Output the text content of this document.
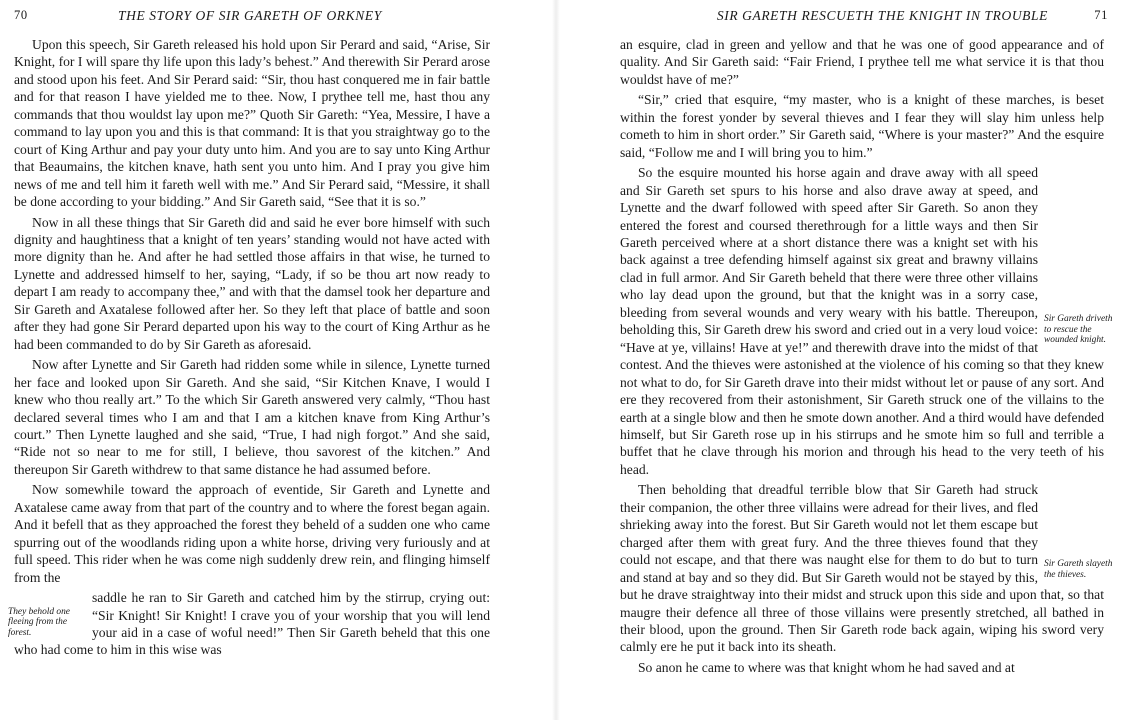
70	THE STORY OF SIR GARETH OF ORKNEY

Upon this speech, Sir Gareth released his hold upon Sir Perard and said, “Arise, Sir Knight, for I will spare thy life upon this lady’s behest.” And therewith Sir Perard arose and stood upon his feet. And Sir Perard said: “Sir, thou hast conquered me in fair battle and for that reason I have yielded me to thee. Now, I prythee tell me, hast thou any commands that thou wouldst lay upon me?” Quoth Sir Gareth: “Yea, Messire, I have a command to lay upon you and this is that command: It is that you straightway go to the court of King Arthur and pay your duty unto him. And you are to say unto King Arthur that Beaumains, the kitchen knave, hath sent you unto him. And I pray you give him news of me and tell him it fareth well with me.” And Sir Perard said, “Messire, it shall be done according to your bidding.” And Sir Gareth said, “See that it is so.”

Now in all these things that Sir Gareth did and said he ever bore himself with such dignity and haughtiness that a knight of ten years’ standing would not have acted with more dignity than he. And after he had settled those affairs in that wise, he turned to Lynette and addressed himself to her, saying, “Lady, if so be thou art now ready to depart I am ready to accompany thee,” and with that the damsel took her departure and Sir Gareth and Axatalese followed after her. So they left that place of battle and soon after they had gone Sir Perard departed upon his way to the court of King Arthur as he had been commanded to do by Sir Gareth as aforesaid.

Now after Lynette and Sir Gareth had ridden some while in silence, Lynette turned her face and looked upon Sir Gareth. And she said, “Sir Kitchen Knave, I would I knew who thou really art.” To the which Sir Gareth answered very calmly, “Thou hast declared several times who I am and that I am a kitchen knave from King Arthur’s court.” Then Lynette laughed and she said, “True, I had nigh forgot.” And she said, “Ride not so near to me for still, I believe, thou savorest of the kitchen.” And thereupon Sir Gareth withdrew to that same distance he had assumed before.

Now somewhile toward the approach of eventide, Sir Gareth and Lynette and Axatalese came away from that part of the country and to where the forest began again. And it befell that as they approached the forest they beheld of a sudden one who came spurring out of the woodlands riding upon a white horse, driving very furiously and at full speed. This rider when he was come nigh suddenly drew rein, and flinging himself from the

They behold one fleeing from the forest.

saddle he ran to Sir Gareth and catched him by the stirrup, crying out: “Sir Knight! Sir Knight! I crave you of your worship that you will lend your aid in a case of woful need!” Then Sir Gareth beheld that this one who had come to him in this wise was

SIR GARETH RESCUETH THE KNIGHT IN TROUBLE	71

an esquire, clad in green and yellow and that he was one of good appearance and of quality. And Sir Gareth said: “Fair Friend, I prythee tell me what service it is that thou wouldst have of me?”

“Sir,” cried that esquire, “my master, who is a knight of these marches, is beset within the forest yonder by several thieves and I fear they will slay him unless help cometh to him in short order.” Sir Gareth said, “Where is your master?” And the esquire said, “Follow me and I will bring you to him.”

Sir Gareth driveth to rescue the wounded knight.

So the esquire mounted his horse again and drave away with all speed and Sir Gareth set spurs to his horse and also drave away at speed, and Lynette and the dwarf followed with speed after Sir Gareth. So anon they entered the forest and coursed therethrough for a little ways and then Sir Gareth perceived where at a short distance there was a knight set with his back against a tree defending himself against six great and brawny villains clad in full armor. And Sir Gareth beheld that there were three other villains who lay dead upon the ground, but that the knight was in a sorry case, bleeding from several wounds and very weary with his battle. Thereupon, beholding this, Sir Gareth drew his sword and cried out in a very loud voice: “Have at ye, villains! Have at ye!” and therewith drave into the midst of that contest. And the thieves were astonished at the violence of his coming so that they knew not what to do, for Sir Gareth drave into their midst without let or pause of any sort. And ere they recovered from their astonishment, Sir Gareth struck one of the villains to the earth at a single blow and then he smote down another. And a third would have defended himself, but Sir Gareth rose up in his stirrups and he smote him so full and terrible a buffet that he clave through his morion and through his head to the very teeth of his head.

Sir Gareth slayeth the thieves.

Then beholding that dreadful terrible blow that Sir Gareth had struck their companion, the other three villains were adread for their lives, and fled shrieking away into the forest. But Sir Gareth would not let them escape but charged after them with great fury. And the three thieves found that they could not escape, and that there was naught else for them to do but to turn and stand at bay and so they did. But Sir Gareth would not be stayed by this, but he drave straightway into their midst and struck upon this side and upon that, so that maugre their defence all three of those villains were presently stretched, all bathed in their blood, upon the ground. Then Sir Gareth rode back again, wiping his sword very calmly ere he put it back into its sheath.

So anon he came to where was that knight whom he had saved and at
